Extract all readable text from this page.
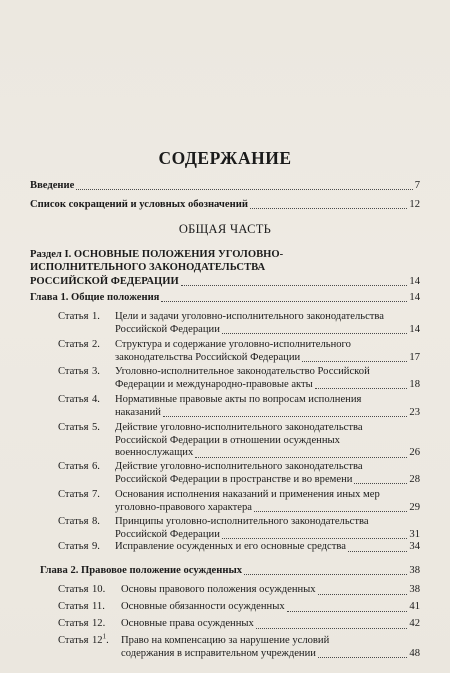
СОДЕРЖАНИЕ
Введение	7
Список сокращений и условных обозначений	12
ОБЩАЯ ЧАСТЬ
Раздел I. ОСНОВНЫЕ ПОЛОЖЕНИЯ УГОЛОВНО-
ИСПОЛНИТЕЛЬНОГО ЗАКОНОДАТЕЛЬСТВА
РОССИЙСКОЙ ФЕДЕРАЦИИ	14
Глава 1. Общие положения	14
Статья 1.	Цели и задачи уголовно-исполнительного законодательства
Российской Федерации	14
Статья 2.	Структура и содержание уголовно-исполнительного
законодательства Российской Федерации	17
Статья 3.	Уголовно-исполнительное законодательство Российской
Федерации и международно-правовые акты	18
Статья 4.	Нормативные правовые акты по вопросам исполнения
наказаний	23
Статья 5.	Действие уголовно-исполнительного законодательства
Российской Федерации в отношении осужденных
военнослужащих	26
Статья 6.	Действие уголовно-исполнительного законодательства
Российской Федерации в пространстве и во времени	28
Статья 7.	Основания исполнения наказаний и применения иных мер
уголовно-правового характера	29
Статья 8.	Принципы уголовно-исполнительного законодательства
Российской Федерации	31
Статья 9.	Исправление осужденных и его основные средства	34
Глава 2. Правовое положение осужденных	38
Статья 10.	Основы правового положения осужденных	38
Статья 11.	Основные обязанности осужденных	41
Статья 12.	Основные права осужденных	42
Статья $12^1$.	Право на компенсацию за нарушение условий
содержания в исправительном учреждении	48
